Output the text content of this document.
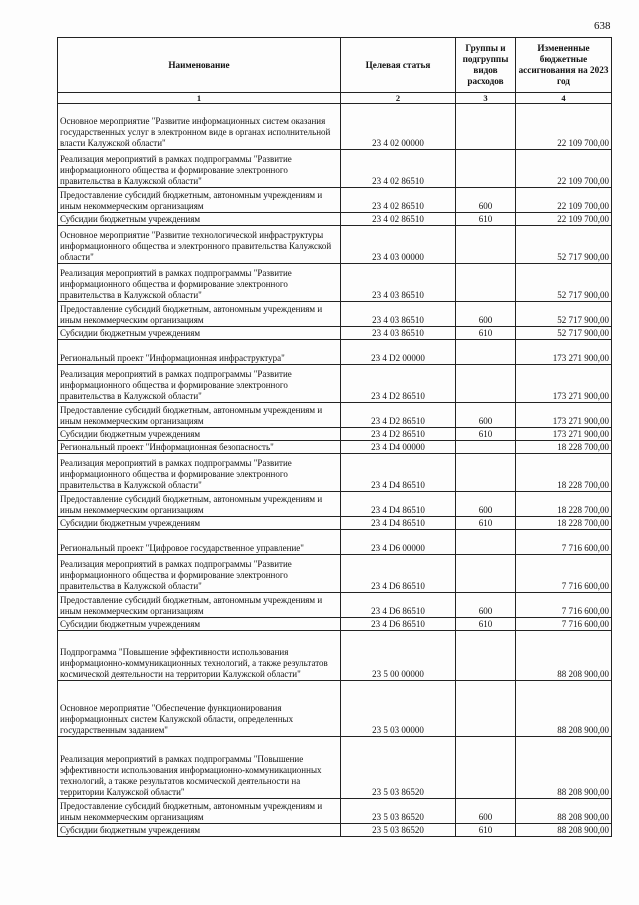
638
Наименование	Целевая статья	Группы и подгруппы видов расходов	Измененные бюджетные ассигнования на 2023 год
1	2	3	4
Основное мероприятие "Развитие информационных систем оказания государственных услуг в электронном виде в органах исполнительной власти Калужской области"	23 4 02 00000		22 109 700,00
Реализация мероприятий в рамках подпрограммы "Развитие информационного общества и формирование электронного правительства в Калужской области"	23 4 02 86510		22 109 700,00
Предоставление субсидий бюджетным, автономным учреждениям и иным некоммерческим организациям	23 4 02 86510	600	22 109 700,00
Субсидии бюджетным учреждениям	23 4 02 86510	610	22 109 700,00
Основное мероприятие "Развитие технологической инфраструктуры информационного общества и электронного правительства Калужской области"	23 4 03 00000		52 717 900,00
Реализация мероприятий в рамках подпрограммы "Развитие информационного общества и формирование электронного правительства в Калужской области"	23 4 03 86510		52 717 900,00
Предоставление субсидий бюджетным, автономным учреждениям и иным некоммерческим организациям	23 4 03 86510	600	52 717 900,00
Субсидии бюджетным учреждениям	23 4 03 86510	610	52 717 900,00
Региональный проект "Информационная инфраструктура"	23 4 D2 00000		173 271 900,00
Реализация мероприятий в рамках подпрограммы "Развитие информационного общества и формирование электронного правительства в Калужской области"	23 4 D2 86510		173 271 900,00
Предоставление субсидий бюджетным, автономным учреждениям и иным некоммерческим организациям	23 4 D2 86510	600	173 271 900,00
Субсидии бюджетным учреждениям	23 4 D2 86510	610	173 271 900,00
Региональный проект "Информационная безопасность"	23 4 D4 00000		18 228 700,00
Реализация мероприятий в рамках подпрограммы "Развитие информационного общества и формирование электронного правительства в Калужской области"	23 4 D4 86510		18 228 700,00
Предоставление субсидий бюджетным, автономным учреждениям и иным некоммерческим организациям	23 4 D4 86510	600	18 228 700,00
Субсидии бюджетным учреждениям	23 4 D4 86510	610	18 228 700,00
Региональный проект "Цифровое государственное управление"	23 4 D6 00000		7 716 600,00
Реализация мероприятий в рамках подпрограммы "Развитие информационного общества и формирование электронного правительства в Калужской области"	23 4 D6 86510		7 716 600,00
Предоставление субсидий бюджетным, автономным учреждениям и иным некоммерческим организациям	23 4 D6 86510	600	7 716 600,00
Субсидии бюджетным учреждениям	23 4 D6 86510	610	7 716 600,00
Подпрограмма "Повышение эффективности использования информационно-коммуникационных технологий, а также результатов космической деятельности на территории Калужской области"	23 5 00 00000		88 208 900,00
Основное мероприятие "Обеспечение функционирования информационных систем Калужской области, определенных государственным заданием"	23 5 03 00000		88 208 900,00
Реализация мероприятий в рамках подпрограммы "Повышение эффективности использования информационно-коммуникационных технологий, а также результатов космической деятельности на территории Калужской области"	23 5 03 86520		88 208 900,00
Предоставление субсидий бюджетным, автономным учреждениям и иным некоммерческим организациям	23 5 03 86520	600	88 208 900,00
Субсидии бюджетным учреждениям	23 5 03 86520	610	88 208 900,00
